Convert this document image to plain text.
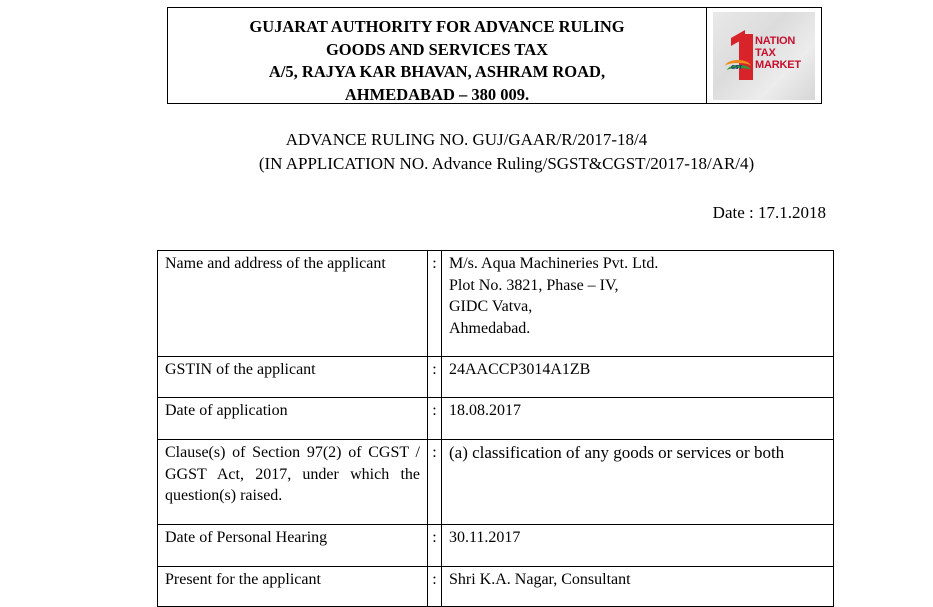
GUJARAT AUTHORITY FOR ADVANCE RULING
GOODS AND SERVICES TAX
A/5, RAJYA KAR BHAVAN, ASHRAM ROAD,
AHMEDABAD – 380 009.
GST
NATION
TAX
MARKET
ADVANCE RULING NO. GUJ/GAAR/R/2017-18/4
(IN APPLICATION NO. Advance Ruling/SGST&CGST/2017-18/AR/4)
Date : 17.1.2018
Name and address of the applicant	:	M/s. Aqua Machineries Pvt. Ltd.
Plot No. 3821, Phase – IV,
GIDC Vatva,
Ahmedabad.

GSTIN of the applicant	:	24AACCP3014A1ZB
Date of application	:	18.08.2017
Clause(s) of Section 97(2) of CGST / GGST Act, 2017, under which the question(s) raised.	:	(a) classification of any goods or services or both
Date of Personal Hearing	:	30.11.2017
Present for the applicant	:	Shri K.A. Nagar, Consultant
